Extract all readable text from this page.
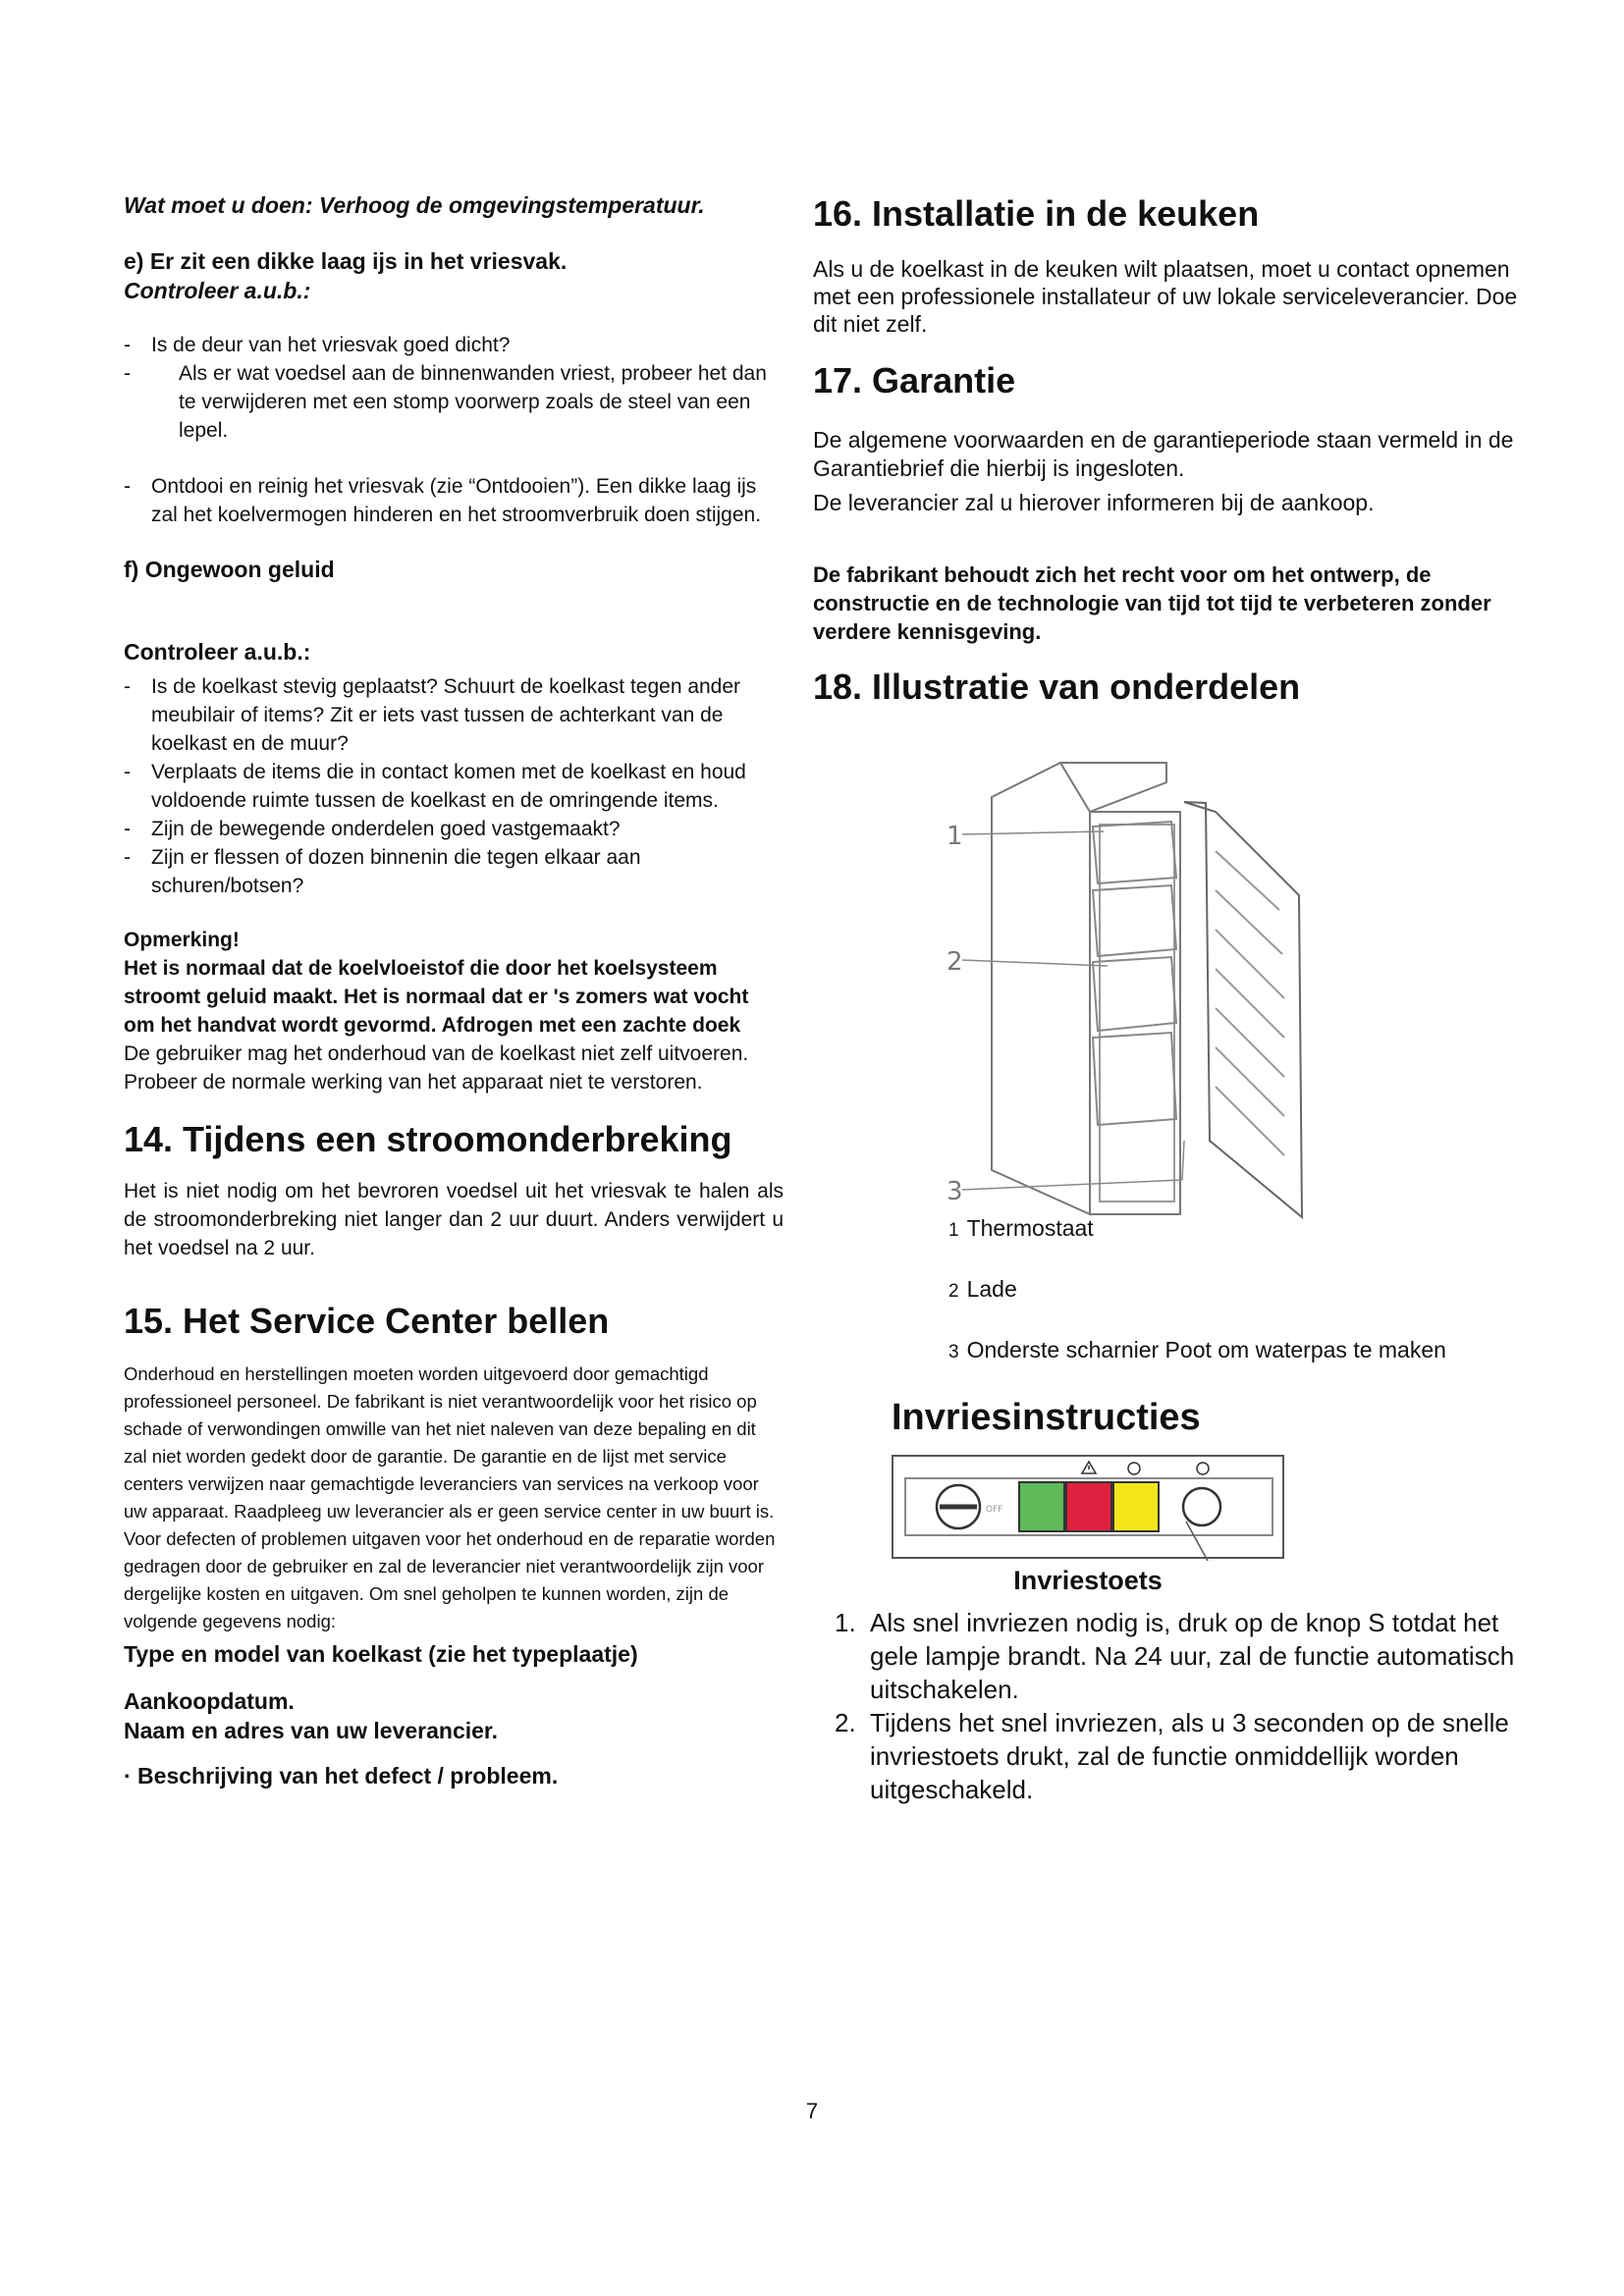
Wat moet u doen: Verhoog de omgevingstemperatuur.

e) Er zit een dikke laag ijs in het vriesvak.

Controleer a.u.b.:

- Is de deur van het vriesvak goed dicht?
- Als er wat voedsel aan de binnenwanden vriest, probeer het dan te verwijderen met een stomp voorwerp zoals de steel van een lepel.
- Ontdooi en reinig het vriesvak (zie “Ontdooien”). Een dikke laag ijs zal het koelvermogen hinderen en het stroomverbruik doen stijgen.

f) Ongewoon geluid

Controleer a.u.b.:

- Is de koelkast stevig geplaatst? Schuurt de koelkast tegen ander meubilair of items? Zit er iets vast tussen de achterkant van de koelkast en de muur?
- Verplaats de items die in contact komen met de koelkast en houd voldoende ruimte tussen de koelkast en de omringende items.
- Zijn de bewegende onderdelen goed vastgemaakt?
- Zijn er flessen of dozen binnenin die tegen elkaar aan schuren/botsen?
Opmerking!
Het is normaal dat de koelvloeistof die door het koelsysteem stroomt geluid maakt. Het is normaal dat er 's zomers wat vocht om het handvat wordt gevormd. Afdrogen met een zachte doek
De gebruiker mag het onderhoud van de koelkast niet zelf uitvoeren. Probeer de normale werking van het apparaat niet te verstoren.
14. Tijdens een stroomonderbreking
Het is niet nodig om het bevroren voedsel uit het vriesvak te halen als de stroomonderbreking niet langer dan 2 uur duurt. Anders verwijdert u het voedsel na 2 uur.
15. Het Service Center bellen
Onderhoud en herstellingen moeten worden uitgevoerd door gemachtigd professioneel personeel. De fabrikant is niet verantwoordelijk voor het risico op schade of verwondingen omwille van het niet naleven van deze bepaling en dit zal niet worden gedekt door de garantie. De garantie en de lijst met service centers verwijzen naar gemachtigde leveranciers van services na verkoop voor uw apparaat. Raadpleeg uw leverancier als er geen service center in uw buurt is. Voor defecten of problemen uitgaven voor het onderhoud en de reparatie worden gedragen door de gebruiker en zal de leverancier niet verantwoordelijk zijn voor dergelijke kosten en uitgaven. Om snel geholpen te kunnen worden, zijn de volgende gegevens nodig:
Type en model van koelkast (zie het typeplaatje)
Aankoopdatum.
Naam en adres van uw leverancier.
· Beschrijving van het defect / probleem.
16. Installatie in de keuken
Als u de koelkast in de keuken wilt plaatsen, moet u contact opnemen met een professionele installateur of uw lokale serviceleverancier. Doe dit niet zelf.
17. Garantie
De algemene voorwaarden en de garantieperiode staan vermeld in de Garantiebrief die hierbij is ingesloten.
De leverancier zal u hierover informeren bij de aankoop.
De fabrikant behoudt zich het recht voor om het ontwerp, de constructie en de technologie van tijd tot tijd te verbeteren zonder verdere kennisgeving.
18. Illustratie van onderdelen
1
2
3
1 Thermostaat
2 Lade
3 Onderste scharnier Poot om waterpas te maken
Invriesinstructies
OFF
Invriestoets
1. Als snel invriezen nodig is, druk op de knop S totdat het gele lampje brandt. Na 24 uur, zal de functie automatisch uitschakelen.
2. Tijdens het snel invriezen, als u 3 seconden op de snelle invriestoets drukt, zal de functie onmiddellijk worden uitgeschakeld.
7
